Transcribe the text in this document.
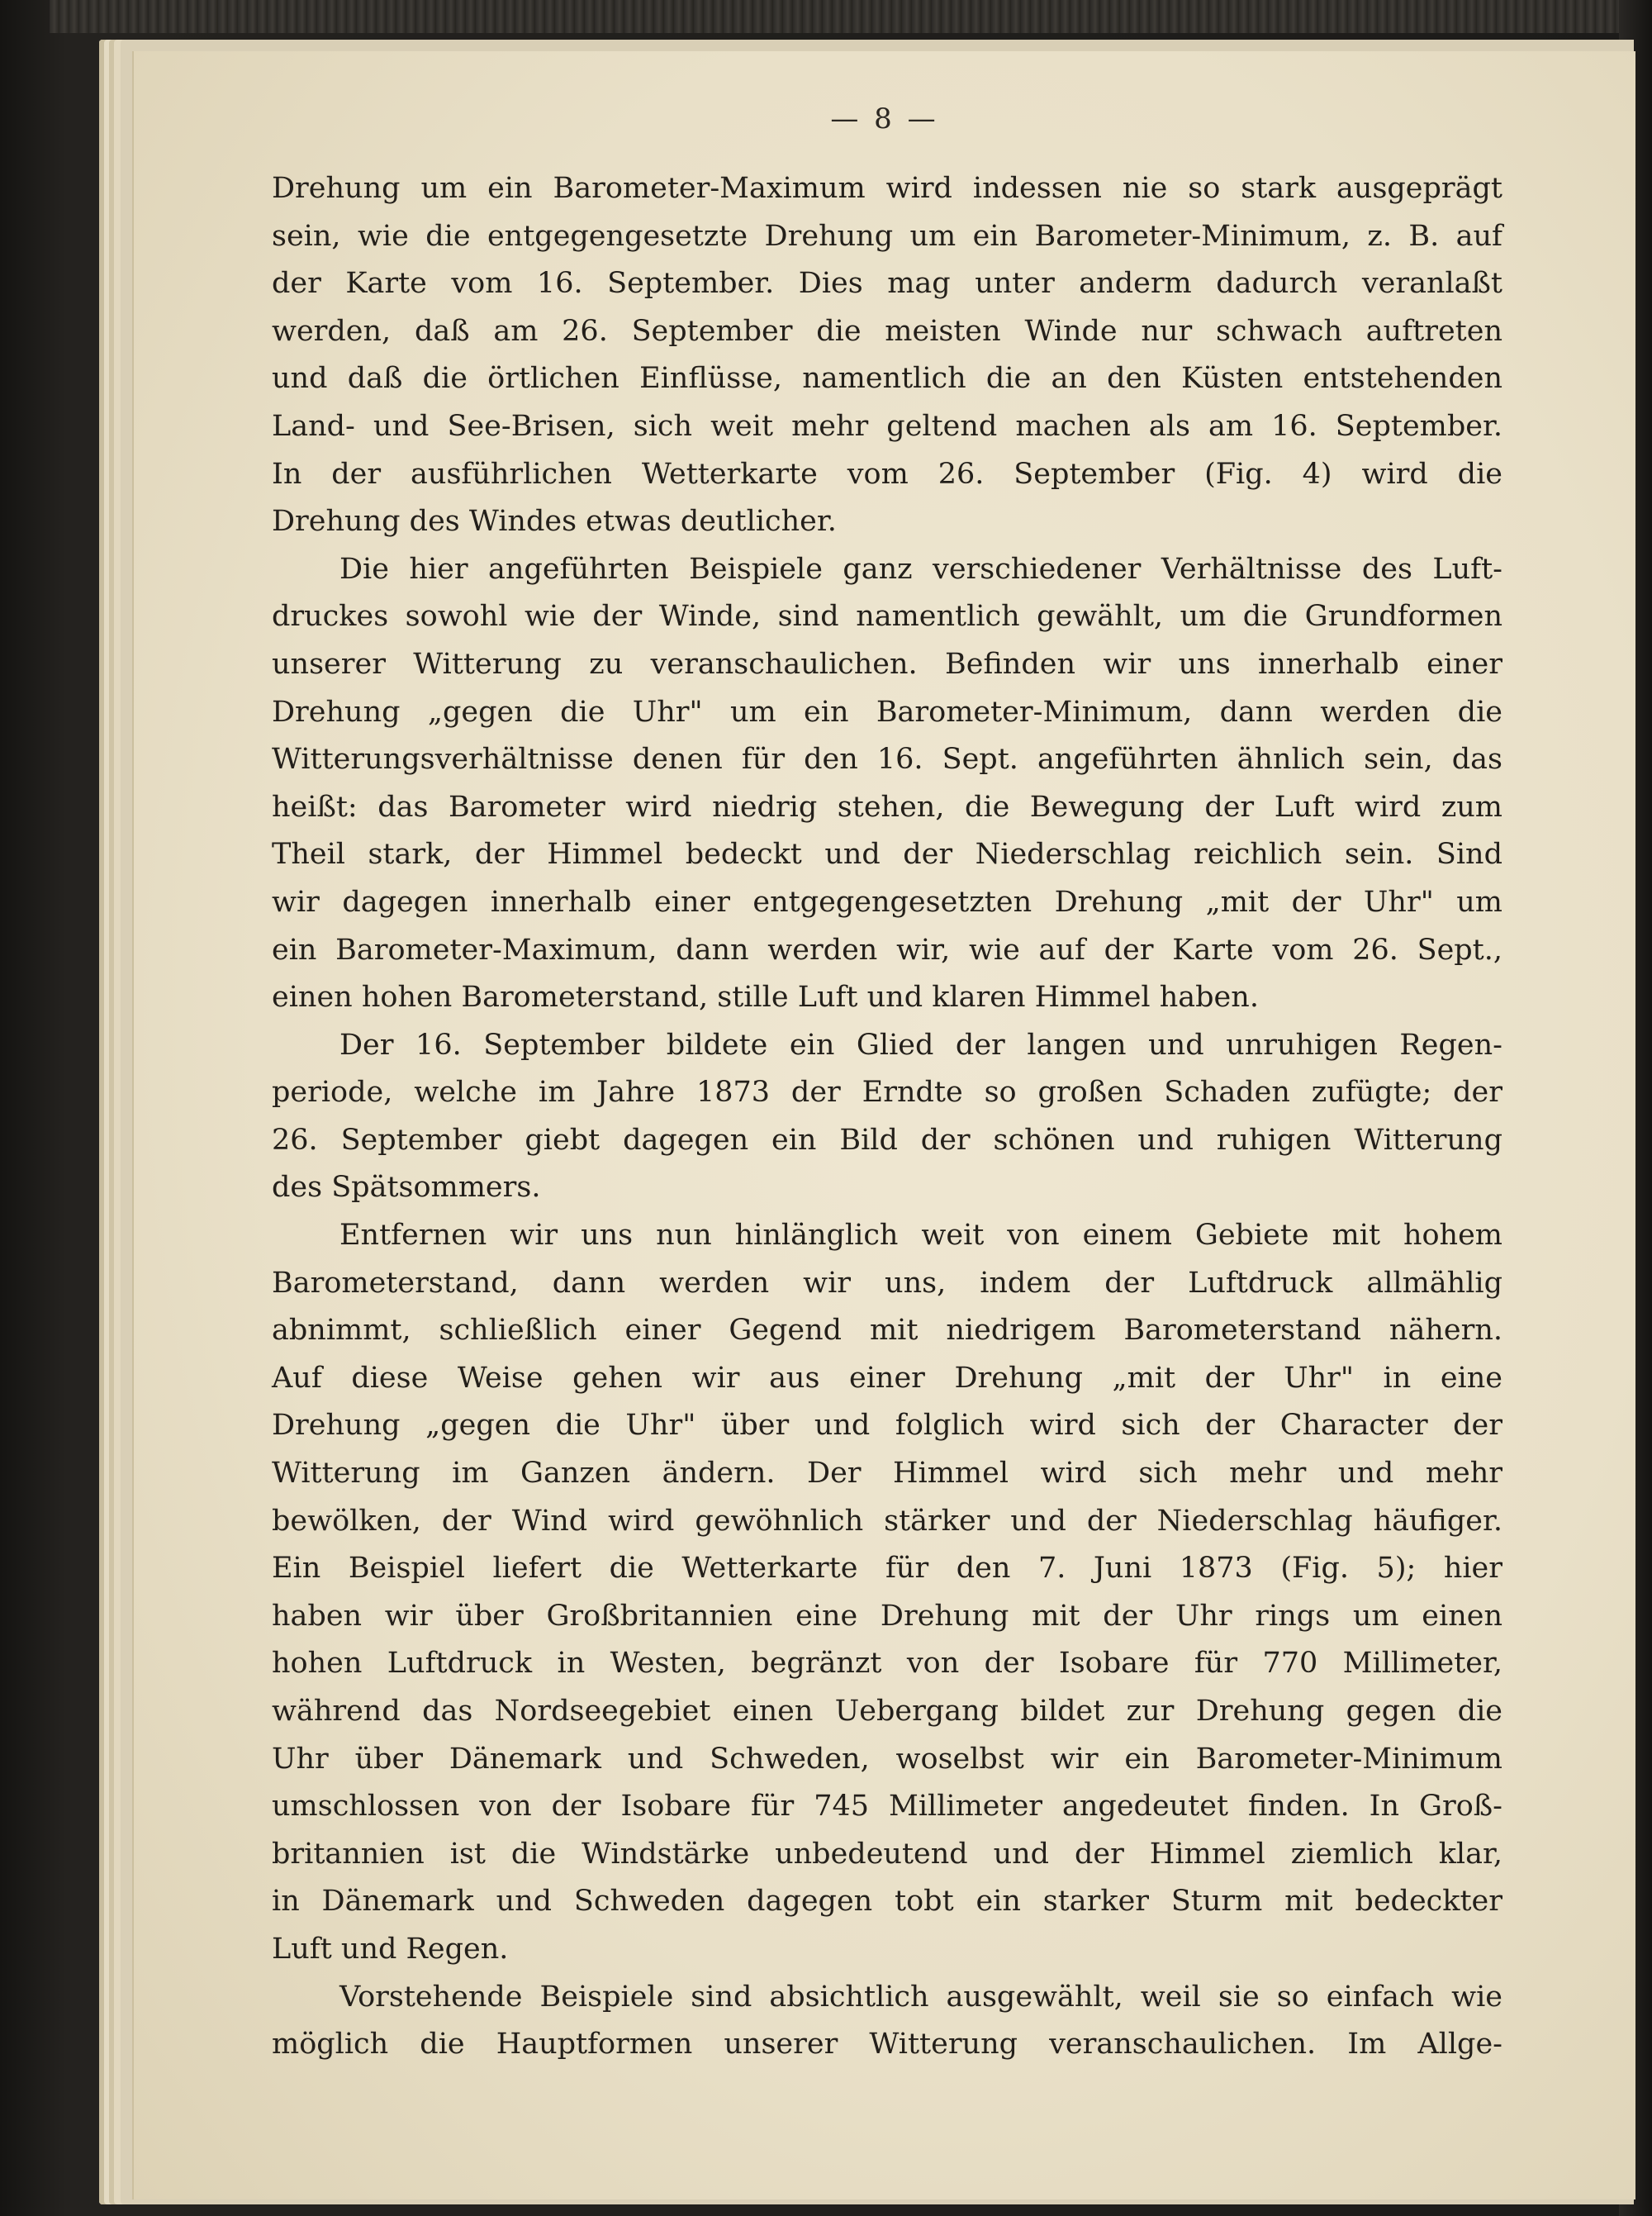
— 8 —
Drehung um ein Barometer-Maximum wird indessen nie so stark ausgeprägt
sein, wie die entgegengesetzte Drehung um ein Barometer-Minimum, z. B. auf
der Karte vom 16. September. Dies mag unter anderm dadurch veranlaßt
werden, daß am 26. September die meisten Winde nur schwach auftreten
und daß die örtlichen Einflüsse, namentlich die an den Küsten entstehenden
Land- und See-Brisen, sich weit mehr geltend machen als am 16. September.
In der ausführlichen Wetterkarte vom 26. September (Fig. 4) wird die
Drehung des Windes etwas deutlicher.
Die hier angeführten Beispiele ganz verschiedener Verhältnisse des Luft-
druckes sowohl wie der Winde, sind namentlich gewählt, um die Grundformen
unserer Witterung zu veranschaulichen. Befinden wir uns innerhalb einer
Drehung „gegen die Uhr" um ein Barometer-Minimum, dann werden die
Witterungsverhältnisse denen für den 16. Sept. angeführten ähnlich sein, das
heißt: das Barometer wird niedrig stehen, die Bewegung der Luft wird zum
Theil stark, der Himmel bedeckt und der Niederschlag reichlich sein. Sind
wir dagegen innerhalb einer entgegengesetzten Drehung „mit der Uhr" um
ein Barometer-Maximum, dann werden wir, wie auf der Karte vom 26. Sept.,
einen hohen Barometerstand, stille Luft und klaren Himmel haben.
Der 16. September bildete ein Glied der langen und unruhigen Regen-
periode, welche im Jahre 1873 der Erndte so großen Schaden zufügte; der
26. September giebt dagegen ein Bild der schönen und ruhigen Witterung
des Spätsommers.
Entfernen wir uns nun hinlänglich weit von einem Gebiete mit hohem
Barometerstand, dann werden wir uns, indem der Luftdruck allmählig
abnimmt, schließlich einer Gegend mit niedrigem Barometerstand nähern.
Auf diese Weise gehen wir aus einer Drehung „mit der Uhr" in eine
Drehung „gegen die Uhr" über und folglich wird sich der Character der
Witterung im Ganzen ändern. Der Himmel wird sich mehr und mehr
bewölken, der Wind wird gewöhnlich stärker und der Niederschlag häufiger.
Ein Beispiel liefert die Wetterkarte für den 7. Juni 1873 (Fig. 5); hier
haben wir über Großbritannien eine Drehung mit der Uhr rings um einen
hohen Luftdruck in Westen, begränzt von der Isobare für 770 Millimeter,
während das Nordseegebiet einen Uebergang bildet zur Drehung gegen die
Uhr über Dänemark und Schweden, woselbst wir ein Barometer-Minimum
umschlossen von der Isobare für 745 Millimeter angedeutet finden. In Groß-
britannien ist die Windstärke unbedeutend und der Himmel ziemlich klar,
in Dänemark und Schweden dagegen tobt ein starker Sturm mit bedeckter
Luft und Regen.
Vorstehende Beispiele sind absichtlich ausgewählt, weil sie so einfach wie
möglich die Hauptformen unserer Witterung veranschaulichen. Im Allge-
